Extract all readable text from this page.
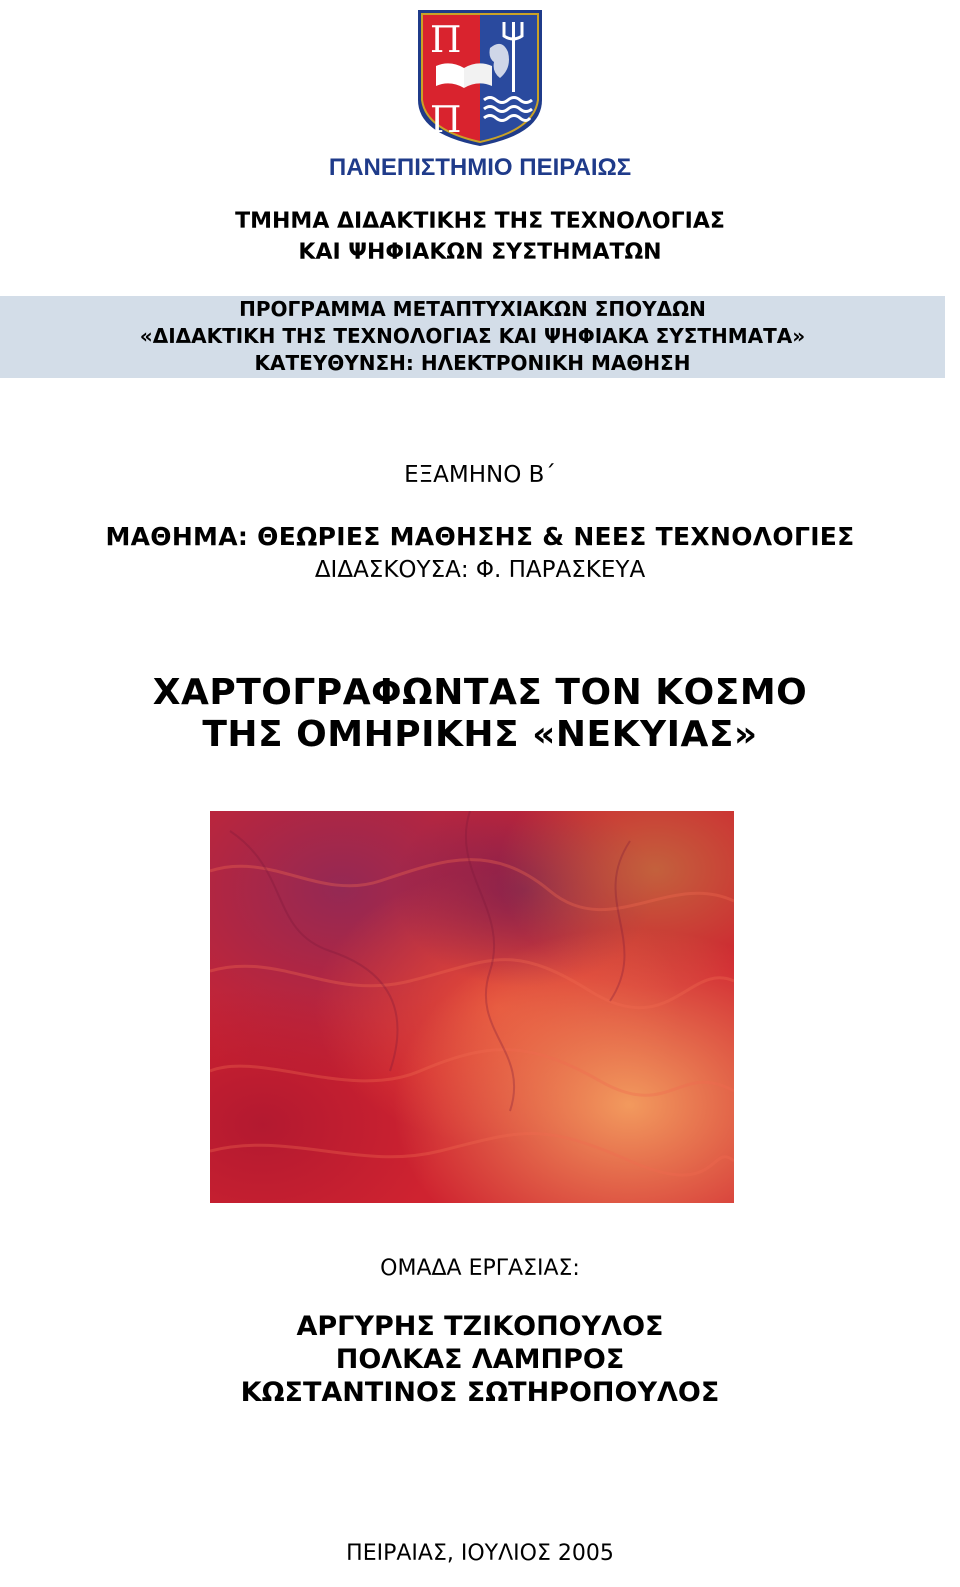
Π
Π
ΠΑΝΕΠΙΣΤΗΜΙΟ ΠΕΙΡΑΙΩΣ
ΤΜΗΜΑ ΔΙΔΑΚΤΙΚΗΣ ΤΗΣ ΤΕΧΝΟΛΟΓΙΑΣ
ΚΑΙ ΨΗΦΙΑΚΩΝ ΣΥΣΤΗΜΑΤΩΝ
ΠΡΟΓΡΑΜΜΑ ΜΕΤΑΠΤΥΧΙΑΚΩΝ ΣΠΟΥΔΩΝ
«ΔΙΔΑΚΤΙΚΗ ΤΗΣ ΤΕΧΝΟΛΟΓΙΑΣ ΚΑΙ ΨΗΦΙΑΚΑ ΣΥΣΤΗΜΑΤΑ»
ΚΑΤΕΥΘΥΝΣΗ: ΗΛΕΚΤΡΟΝΙΚΗ ΜΑΘΗΣΗ
ΕΞΑΜΗΝΟ Β΄
ΜΑΘΗΜΑ: ΘΕΩΡΙΕΣ ΜΑΘΗΣΗΣ & ΝΕΕΣ ΤΕΧΝΟΛΟΓΙΕΣ
ΔΙΔΑΣΚΟΥΣΑ: Φ. ΠΑΡΑΣΚΕΥΑ
ΧΑΡΤΟΓΡΑΦΩΝΤΑΣ ΤΟΝ ΚΟΣΜΟ
ΤΗΣ ΟΜΗΡΙΚΗΣ «ΝΕΚΥΙΑΣ»
ΟΜΑΔΑ ΕΡΓΑΣΙΑΣ:
ΑΡΓΥΡΗΣ ΤΖΙΚΟΠΟΥΛΟΣ
ΠΟΛΚΑΣ ΛΑΜΠΡΟΣ
ΚΩΣΤΑΝΤΙΝΟΣ ΣΩΤΗΡΟΠΟΥΛΟΣ
ΠΕΙΡΑΙΑΣ, ΙΟΥΛΙΟΣ 2005
